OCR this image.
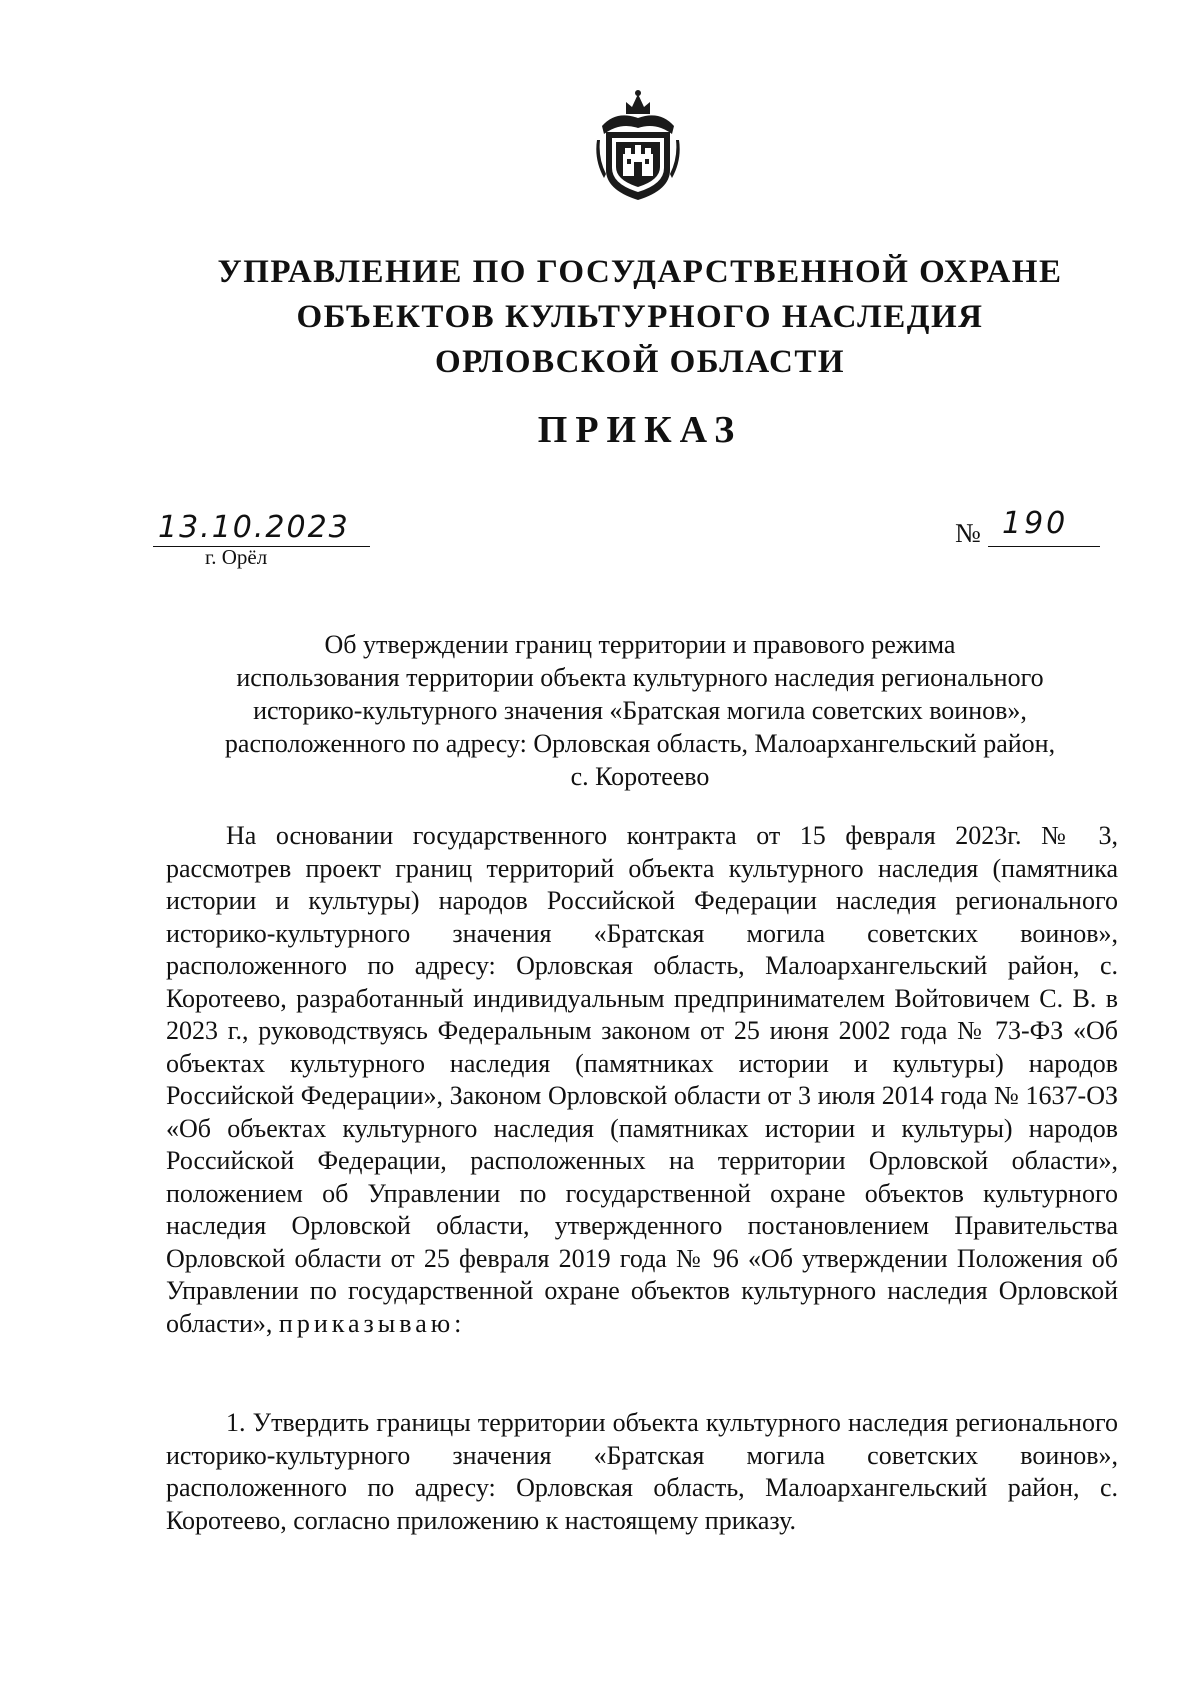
УПРАВЛЕНИЕ ПО ГОСУДАРСТВЕННОЙ ОХРАНЕ
ОБЪЕКТОВ КУЛЬТУРНОГО НАСЛЕДИЯ
ОРЛОВСКОЙ ОБЛАСТИ
ПРИКАЗ
13.10.2023
г. Орёл
№ 190
Об утверждении границ территории и правового режима
использования территории объекта культурного наследия регионального
историко-культурного значения «Братская могила советских воинов»,
расположенного по адресу: Орловская область, Малоархангельский район,
с. Коротеево

На основании государственного контракта от 15 февраля 2023г. № 3, рассмотрев проект границ территорий объекта культурного наследия (памятника истории и культуры) народов Российской Федерации наследия регионального историко-культурного значения «Братская могила советских воинов», расположенного по адресу: Орловская область, Малоархангельский район, с. Коротеево, разработанный индивидуальным предпринимателем Войтовичем С. В. в 2023 г., руководствуясь Федеральным законом от 25 июня 2002 года № 73-ФЗ «Об объектах культурного наследия (памятниках истории и культуры) народов Российской Федерации», Законом Орловской области от 3 июля 2014 года № 1637-ОЗ «Об объектах культурного наследия (памятниках истории и культуры) народов Российской Федерации, расположенных на территории Орловской области», положением об Управлении по государственной охране объектов культурного наследия Орловской области, утвержденного постановлением Правительства Орловской области от 25 февраля 2019 года № 96 «Об утверждении Положения об Управлении по государственной охране объектов культурного наследия Орловской области», приказываю:

1. Утвердить границы территории объекта культурного наследия регионального историко-культурного значения «Братская могила советских воинов», расположенного по адресу: Орловская область, Малоархангельский район, с. Коротеево, согласно приложению к настоящему приказу.
